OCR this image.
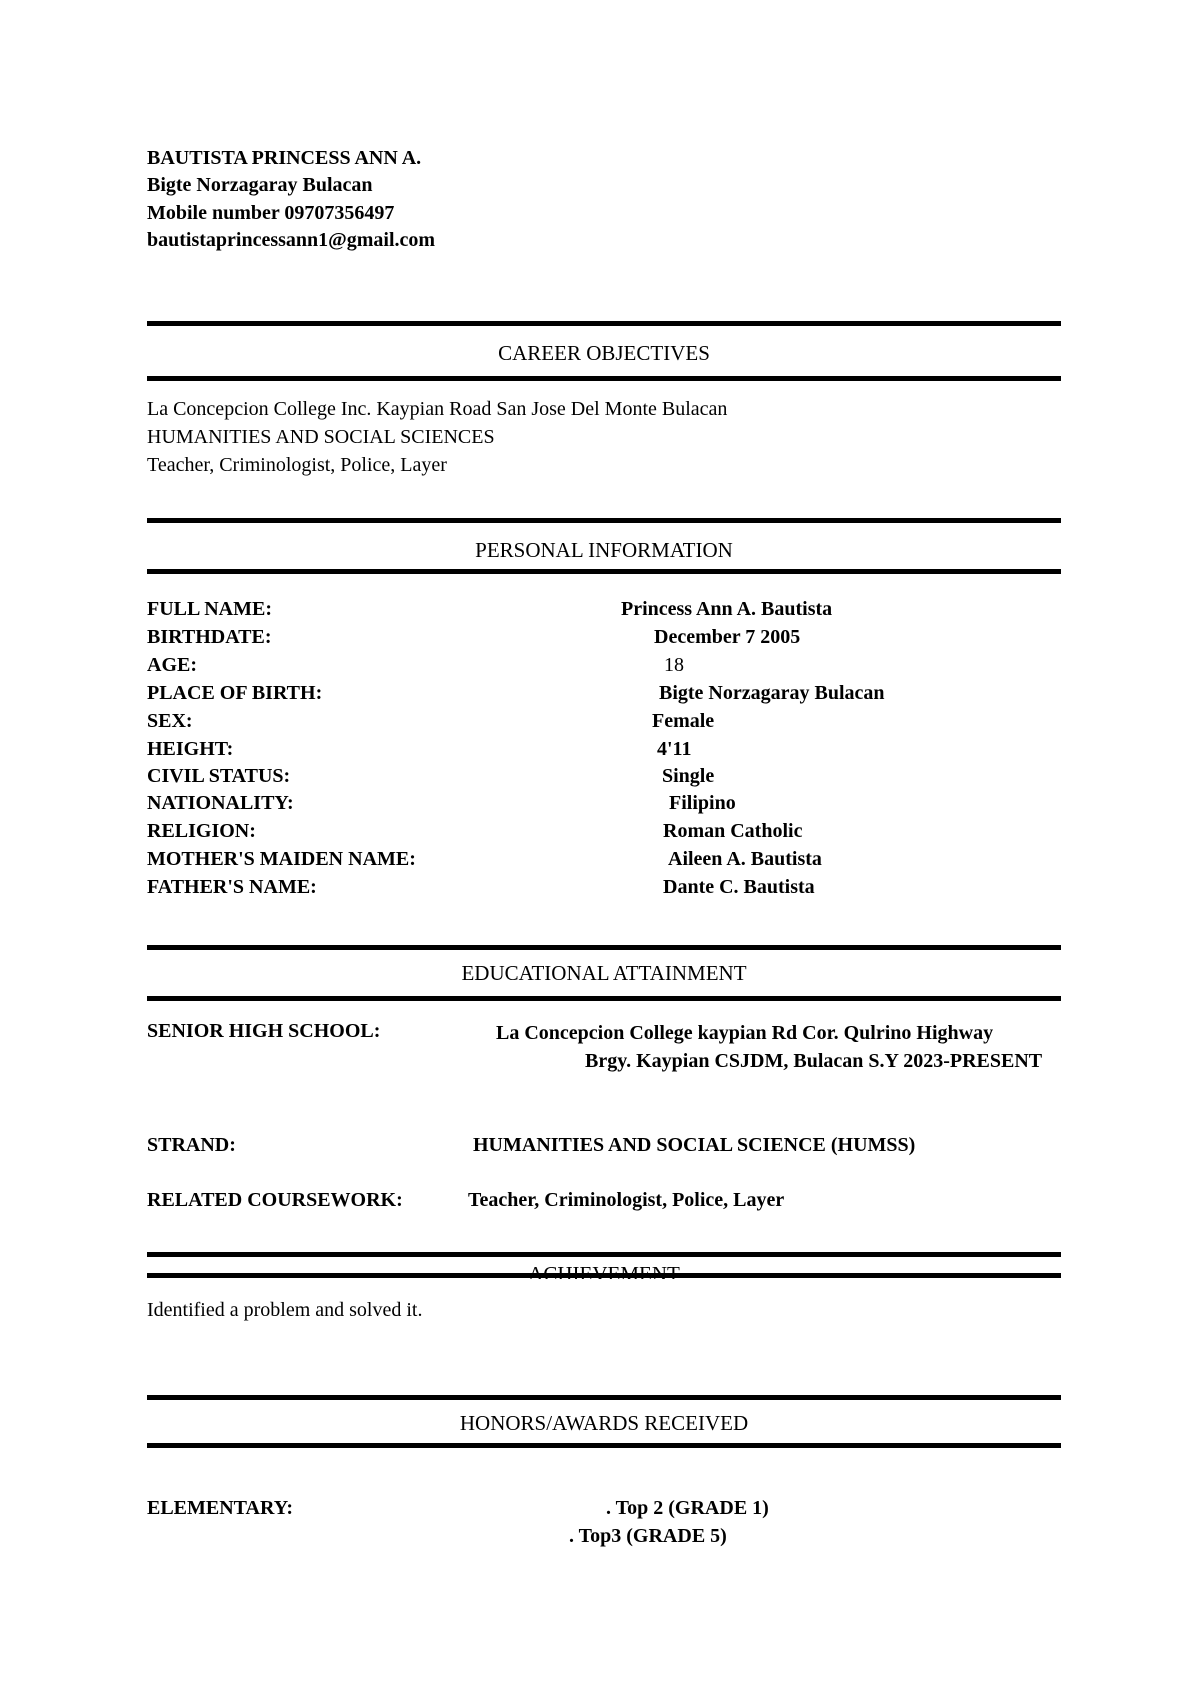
BAUTISTA PRINCESS ANN A.
Bigte Norzagaray Bulacan
Mobile number 09707356497
bautistaprincessann1@gmail.com
CAREER OBJECTIVES
La Concepcion College Inc. Kaypian Road San Jose Del Monte Bulacan
HUMANITIES AND SOCIAL SCIENCES
Teacher, Criminologist, Police, Layer
PERSONAL INFORMATION
FULL NAME:	Princess Ann A. Bautista
BIRTHDATE:	December 7 2005
AGE:	18
PLACE OF BIRTH:	Bigte Norzagaray Bulacan
SEX:	Female
HEIGHT:	4'11
CIVIL STATUS:	Single
NATIONALITY:	Filipino
RELIGION:	Roman Catholic
MOTHER'S MAIDEN NAME:	Aileen A. Bautista
FATHER'S NAME:	Dante C. Bautista
EDUCATIONAL ATTAINMENT
SENIOR HIGH SCHOOL:	La Concepcion College kaypian Rd Cor. Qulrino Highway
Brgy. Kaypian CSJDM, Bulacan S.Y 2023-PRESENT
STRAND:	HUMANITIES AND SOCIAL SCIENCE (HUMSS)
RELATED COURSEWORK:	Teacher, Criminologist, Police, Layer
Identified a problem and solved it.
HONORS/AWARDS RECEIVED
ELEMENTARY:	. Top 2 (GRADE 1)
. Top3 (GRADE 5)
